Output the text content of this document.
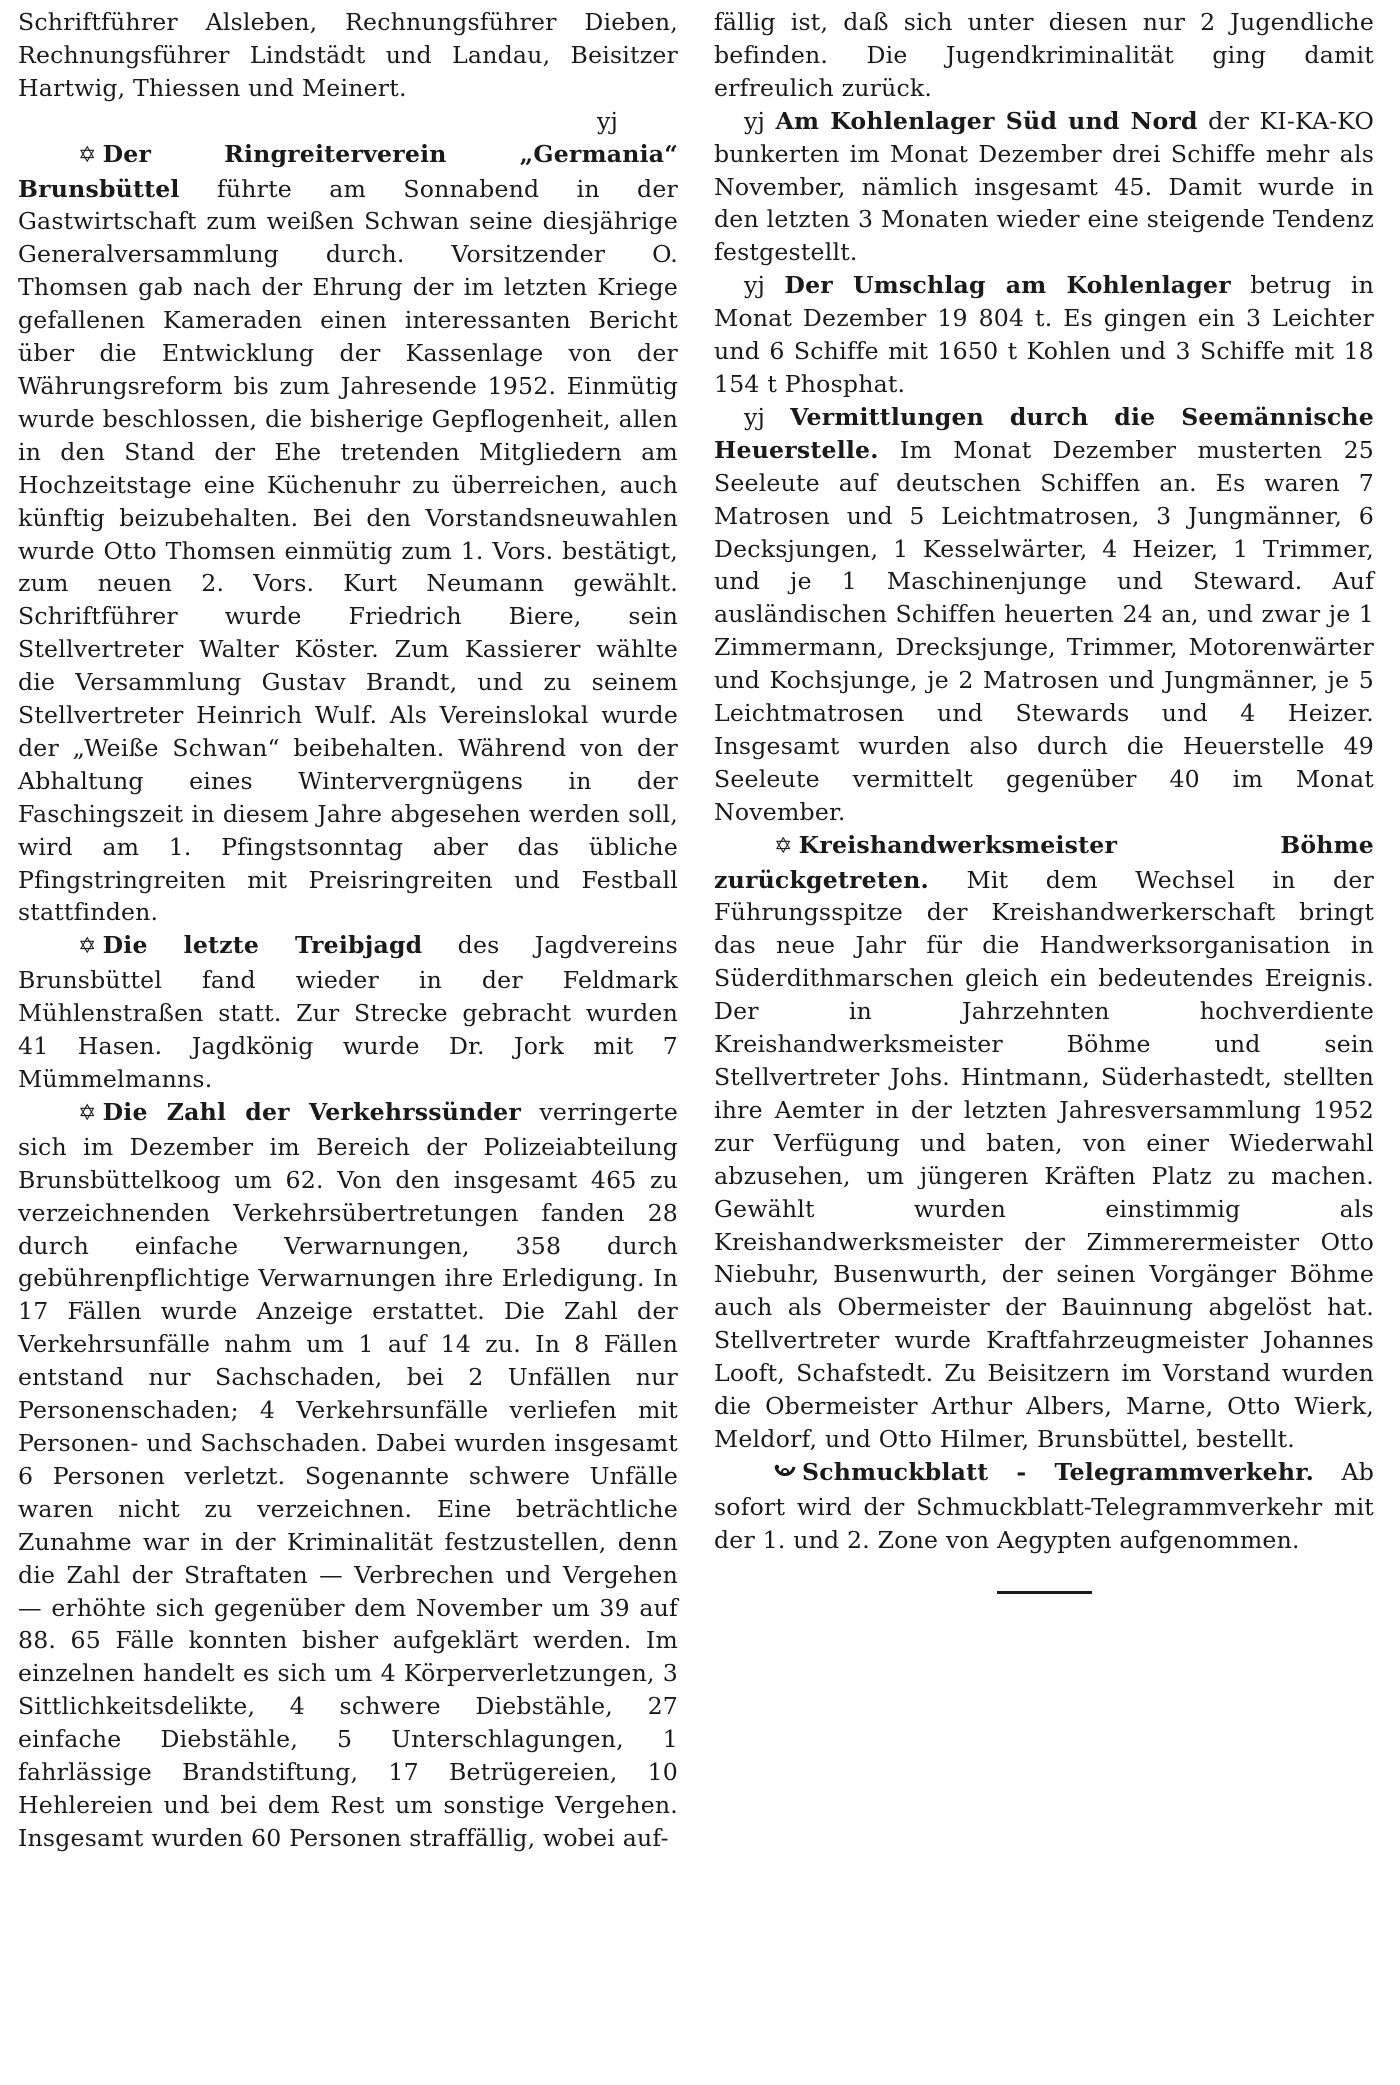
Schriftführer Alsleben, Rechnungsführer Dieben, Rechnungsführer Lindstädt und Landau, Beisitzer Hartwig, Thiessen und Meinert.
yj

✡ Der Ringreiterverein „Germania“ Brunsbüttel führte am Sonnabend in der Gastwirtschaft zum weißen Schwan seine diesjährige Generalversammlung durch. Vorsitzender O. Thomsen gab nach der Ehrung der im letzten Kriege gefallenen Kameraden einen interessanten Bericht über die Entwicklung der Kassenlage von der Währungsreform bis zum Jahresende 1952. Einmütig wurde beschlossen, die bisherige Gepflogenheit, allen in den Stand der Ehe tretenden Mitgliedern am Hochzeitstage eine Küchenuhr zu überreichen, auch künftig beizubehalten. Bei den Vorstandsneuwahlen wurde Otto Thomsen einmütig zum 1. Vors. bestätigt, zum neuen 2. Vors. Kurt Neumann gewählt. Schriftführer wurde Friedrich Biere, sein Stellvertreter Walter Köster. Zum Kassierer wählte die Versammlung Gustav Brandt, und zu seinem Stellvertreter Heinrich Wulf. Als Vereinslokal wurde der „Weiße Schwan“ beibehalten. Während von der Abhaltung eines Wintervergnügens in der Faschingszeit in diesem Jahre abgesehen werden soll, wird am 1. Pfingstsonntag aber das übliche Pfingstringreiten mit Preisringreiten und Festball stattfinden.

✡ Die letzte Treibjagd des Jagdvereins Brunsbüttel fand wieder in der Feldmark Mühlenstraßen statt. Zur Strecke gebracht wurden 41 Hasen. Jagdkönig wurde Dr. Jork mit 7 Mümmelmanns.

✡ Die Zahl der Verkehrssünder verringerte sich im Dezember im Bereich der Polizeiabteilung Brunsbüttelkoog um 62. Von den insgesamt 465 zu verzeichnenden Verkehrsübertretungen fanden 28 durch einfache Verwarnungen, 358 durch gebührenpflichtige Verwarnungen ihre Erledigung. In 17 Fällen wurde Anzeige erstattet. Die Zahl der Verkehrsunfälle nahm um 1 auf 14 zu. In 8 Fällen entstand nur Sachschaden, bei 2 Unfällen nur Personenschaden; 4 Verkehrsunfälle verliefen mit Personen- und Sachschaden. Dabei wurden insgesamt 6 Personen verletzt. Sogenannte schwere Unfälle waren nicht zu verzeichnen. Eine beträchtliche Zunahme war in der Kriminalität festzustellen, denn die Zahl der Straftaten — Verbrechen und Vergehen — erhöhte sich gegenüber dem November um 39 auf 88. 65 Fälle konnten bisher aufgeklärt werden. Im einzelnen handelt es sich um 4 Körperverletzungen, 3 Sittlichkeitsdelikte, 4 schwere Diebstähle, 27 einfache Diebstähle, 5 Unterschlagungen, 1 fahrlässige Brandstiftung, 17 Betrügereien, 10 Hehlereien und bei dem Rest um sonstige Vergehen. Insgesamt wurden 60 Personen straffällig, wobei auf-

fällig ist, daß sich unter diesen nur 2 Jugendliche befinden. Die Jugendkriminalität ging damit erfreulich zurück.

yj Am Kohlenlager Süd und Nord der KI-KA-KO bunkerten im Monat Dezember drei Schiffe mehr als November, nämlich insgesamt 45. Damit wurde in den letzten 3 Monaten wieder eine steigende Tendenz festgestellt.

yj Der Umschlag am Kohlenlager betrug in Monat Dezember 19 804 t. Es gingen ein 3 Leichter und 6 Schiffe mit 1650 t Kohlen und 3 Schiffe mit 18 154 t Phosphat.

yj Vermittlungen durch die Seemännische Heuerstelle. Im Monat Dezember musterten 25 Seeleute auf deutschen Schiffen an. Es waren 7 Matrosen und 5 Leichtmatrosen, 3 Jungmänner, 6 Decksjungen, 1 Kesselwärter, 4 Heizer, 1 Trimmer, und je 1 Maschinenjunge und Steward. Auf ausländischen Schiffen heuerten 24 an, und zwar je 1 Zimmermann, Drecksjunge, Trimmer, Motorenwärter und Kochsjunge, je 2 Matrosen und Jungmänner, je 5 Leichtmatrosen und Stewards und 4 Heizer. Insgesamt wurden also durch die Heuerstelle 49 Seeleute vermittelt gegenüber 40 im Monat November.

✡ Kreishandwerksmeister Böhme zurückgetreten. Mit dem Wechsel in der Führungsspitze der Kreishandwerkerschaft bringt das neue Jahr für die Handwerksorganisation in Süderdithmarschen gleich ein bedeutendes Ereignis. Der in Jahrzehnten hochverdiente Kreishandwerksmeister Böhme und sein Stellvertreter Johs. Hintmann, Süderhastedt, stellten ihre Aemter in der letzten Jahresversammlung 1952 zur Verfügung und baten, von einer Wiederwahl abzusehen, um jüngeren Kräften Platz zu machen. Gewählt wurden einstimmig als Kreishandwerksmeister der Zimmerermeister Otto Niebuhr, Busenwurth, der seinen Vorgänger Böhme auch als Obermeister der Bauinnung abgelöst hat. Stellvertreter wurde Kraftfahrzeugmeister Johannes Looft, Schafstedt. Zu Beisitzern im Vorstand wurden die Obermeister Arthur Albers, Marne, Otto Wierk, Meldorf, und Otto Hilmer, Brunsbüttel, bestellt.

Schmuckblatt - Telegrammverkehr. Ab sofort wird der Schmuckblatt-Telegrammverkehr mit der 1. und 2. Zone von Aegypten aufgenommen.
